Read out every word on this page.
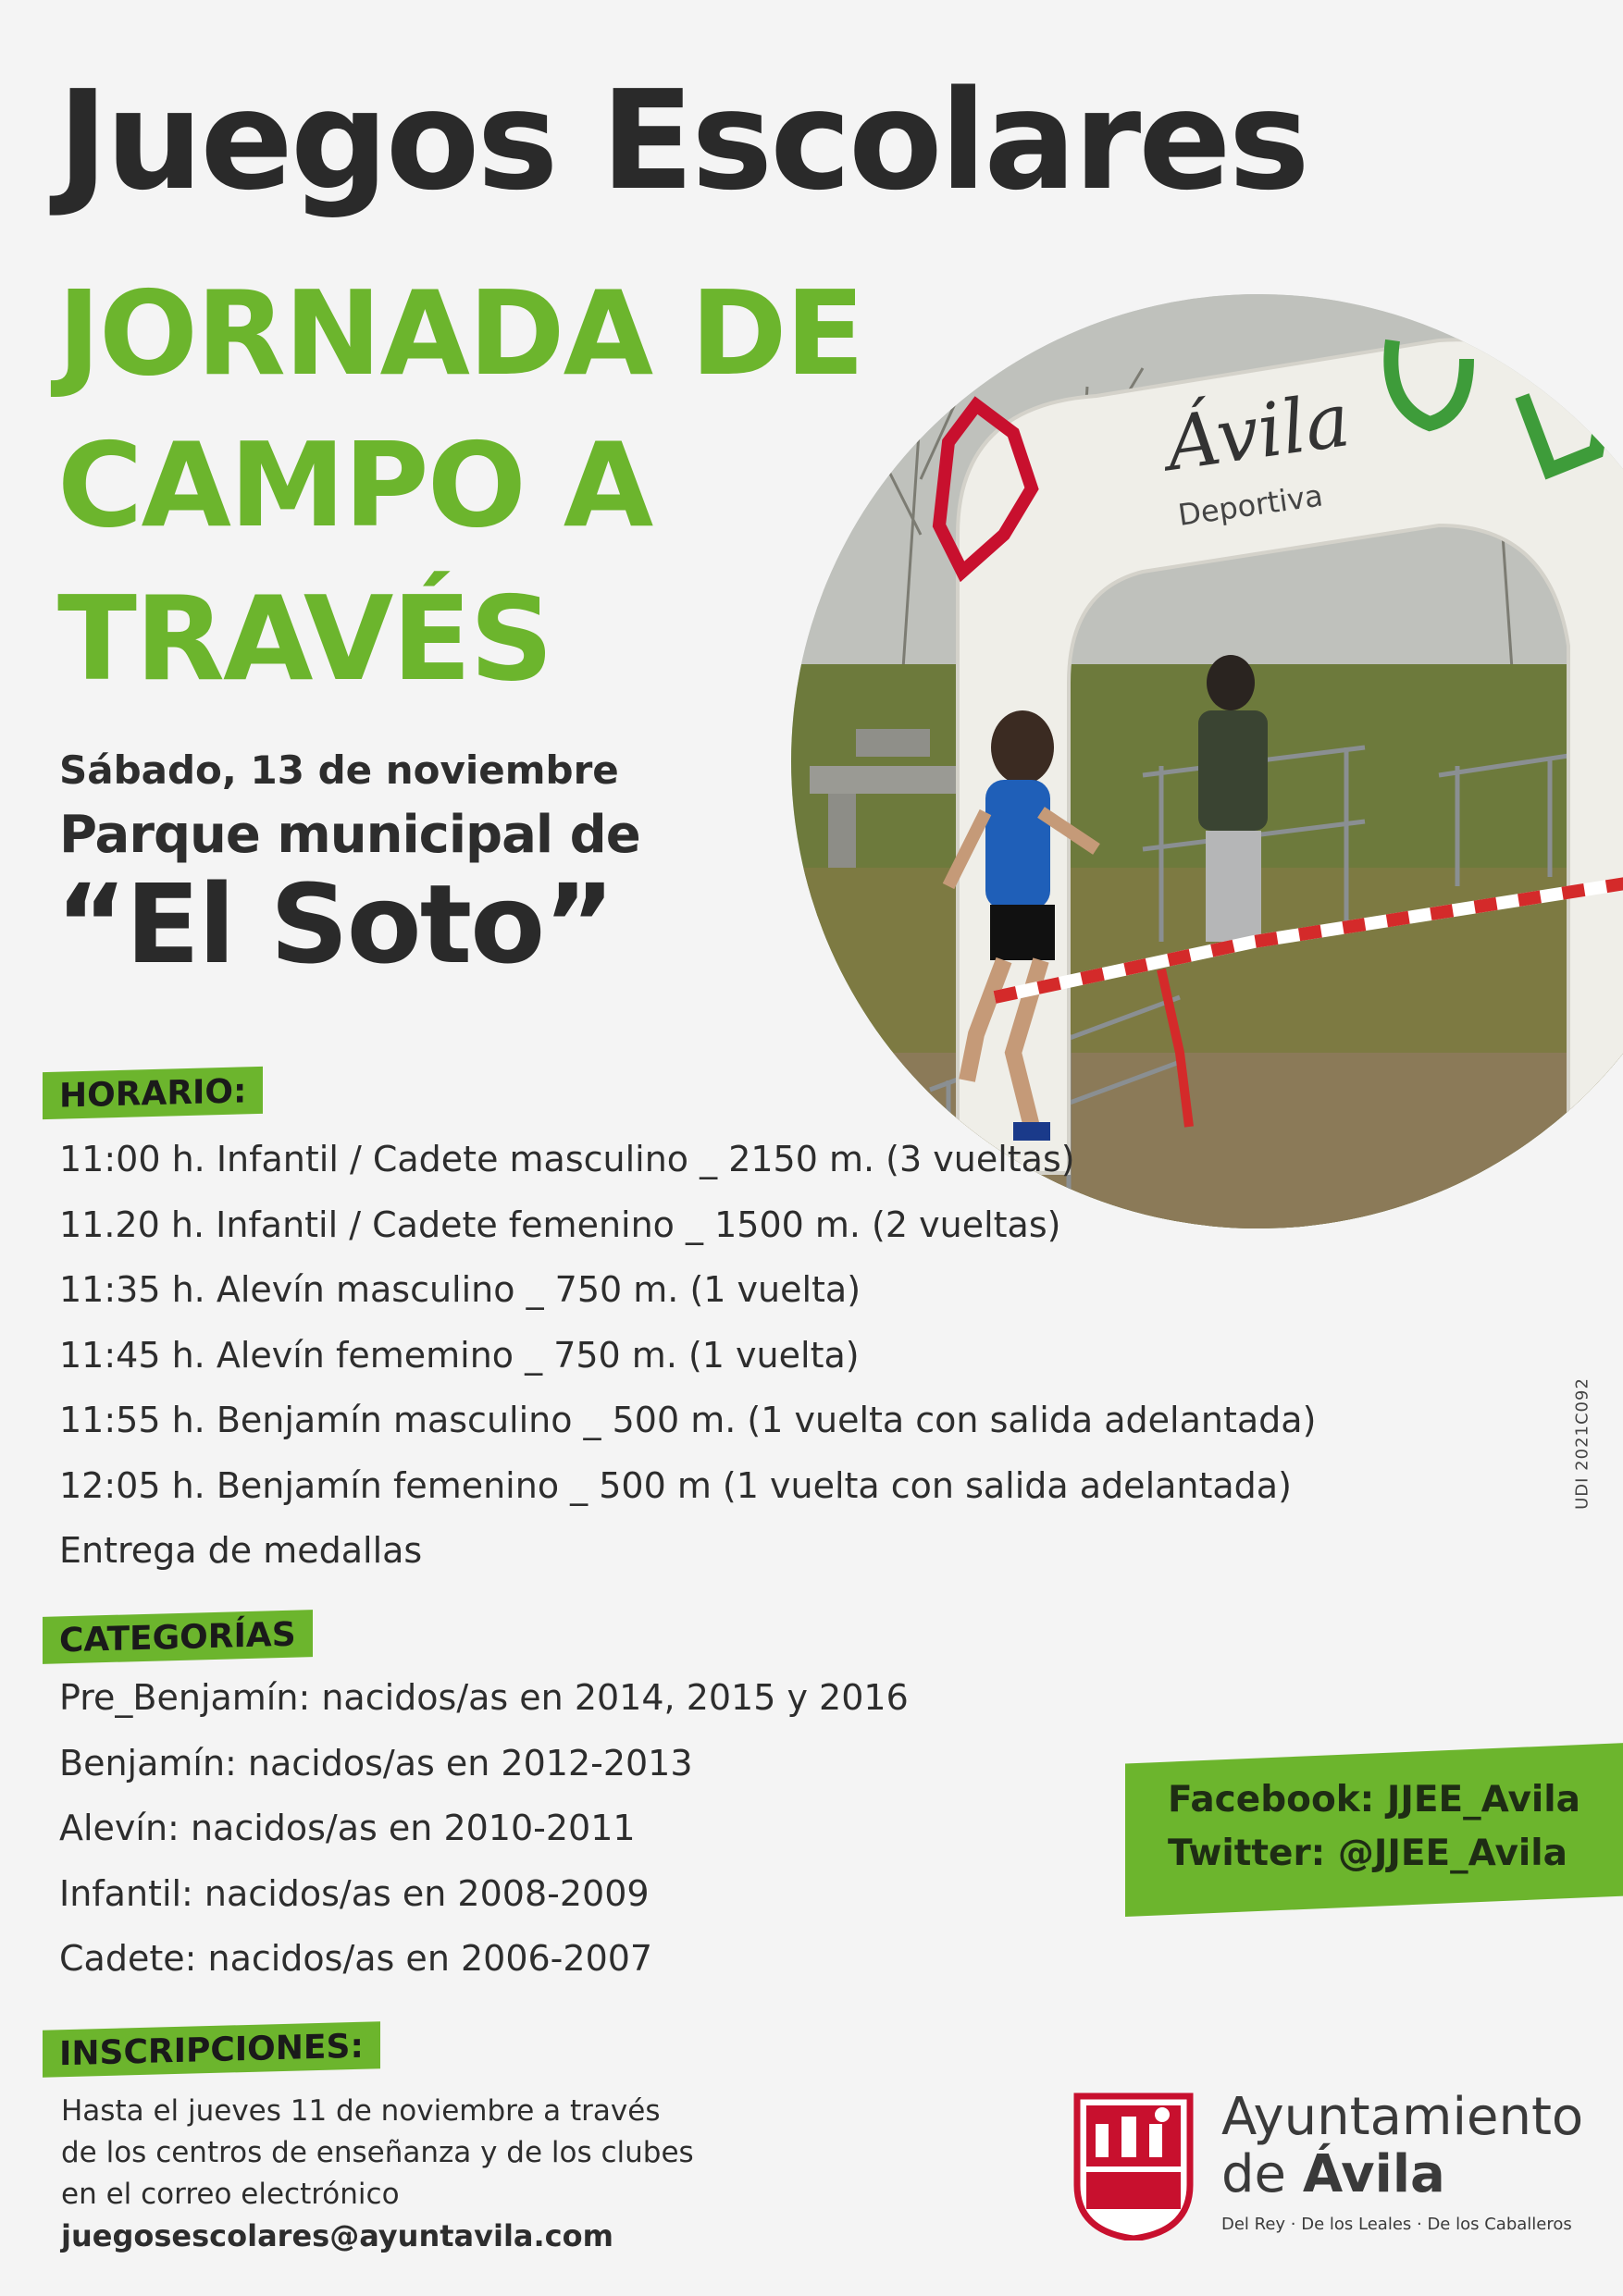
Juegos Escolares
JORNADA DE
CAMPO A
TRAVÉS
Sábado, 13 de noviembre
Parque municipal de
“El Soto”
Ávila
Deportiva
HORARIO:
11:00 h. Infantil / Cadete masculino _ 2150 m. (3 vueltas)
11.20 h. Infantil / Cadete femenino _ 1500 m. (2 vueltas)
11:35 h. Alevín masculino _ 750 m. (1 vuelta)
11:45 h. Alevín fememino _ 750 m. (1 vuelta)
11:55 h. Benjamín masculino _ 500 m. (1 vuelta con salida adelantada)
12:05 h. Benjamín femenino _ 500 m (1 vuelta con salida adelantada)
Entrega de medallas
CATEGORÍAS
Pre_Benjamín: nacidos/as en 2014, 2015 y 2016
Benjamín: nacidos/as en 2012-2013
Alevín: nacidos/as en 2010-2011
Infantil: nacidos/as en 2008-2009
Cadete: nacidos/as en 2006-2007
Facebook: JJEE_Avila
Twitter: @JJEE_Avila
INSCRIPCIONES:
Hasta el jueves 11 de noviembre a través
de los centros de enseñanza y de los clubes
en el correo electrónico
juegosescolares@ayuntavila.com
UDI 2021C092
Ayuntamiento
de Ávila
Del Rey · De los Leales · De los Caballeros
